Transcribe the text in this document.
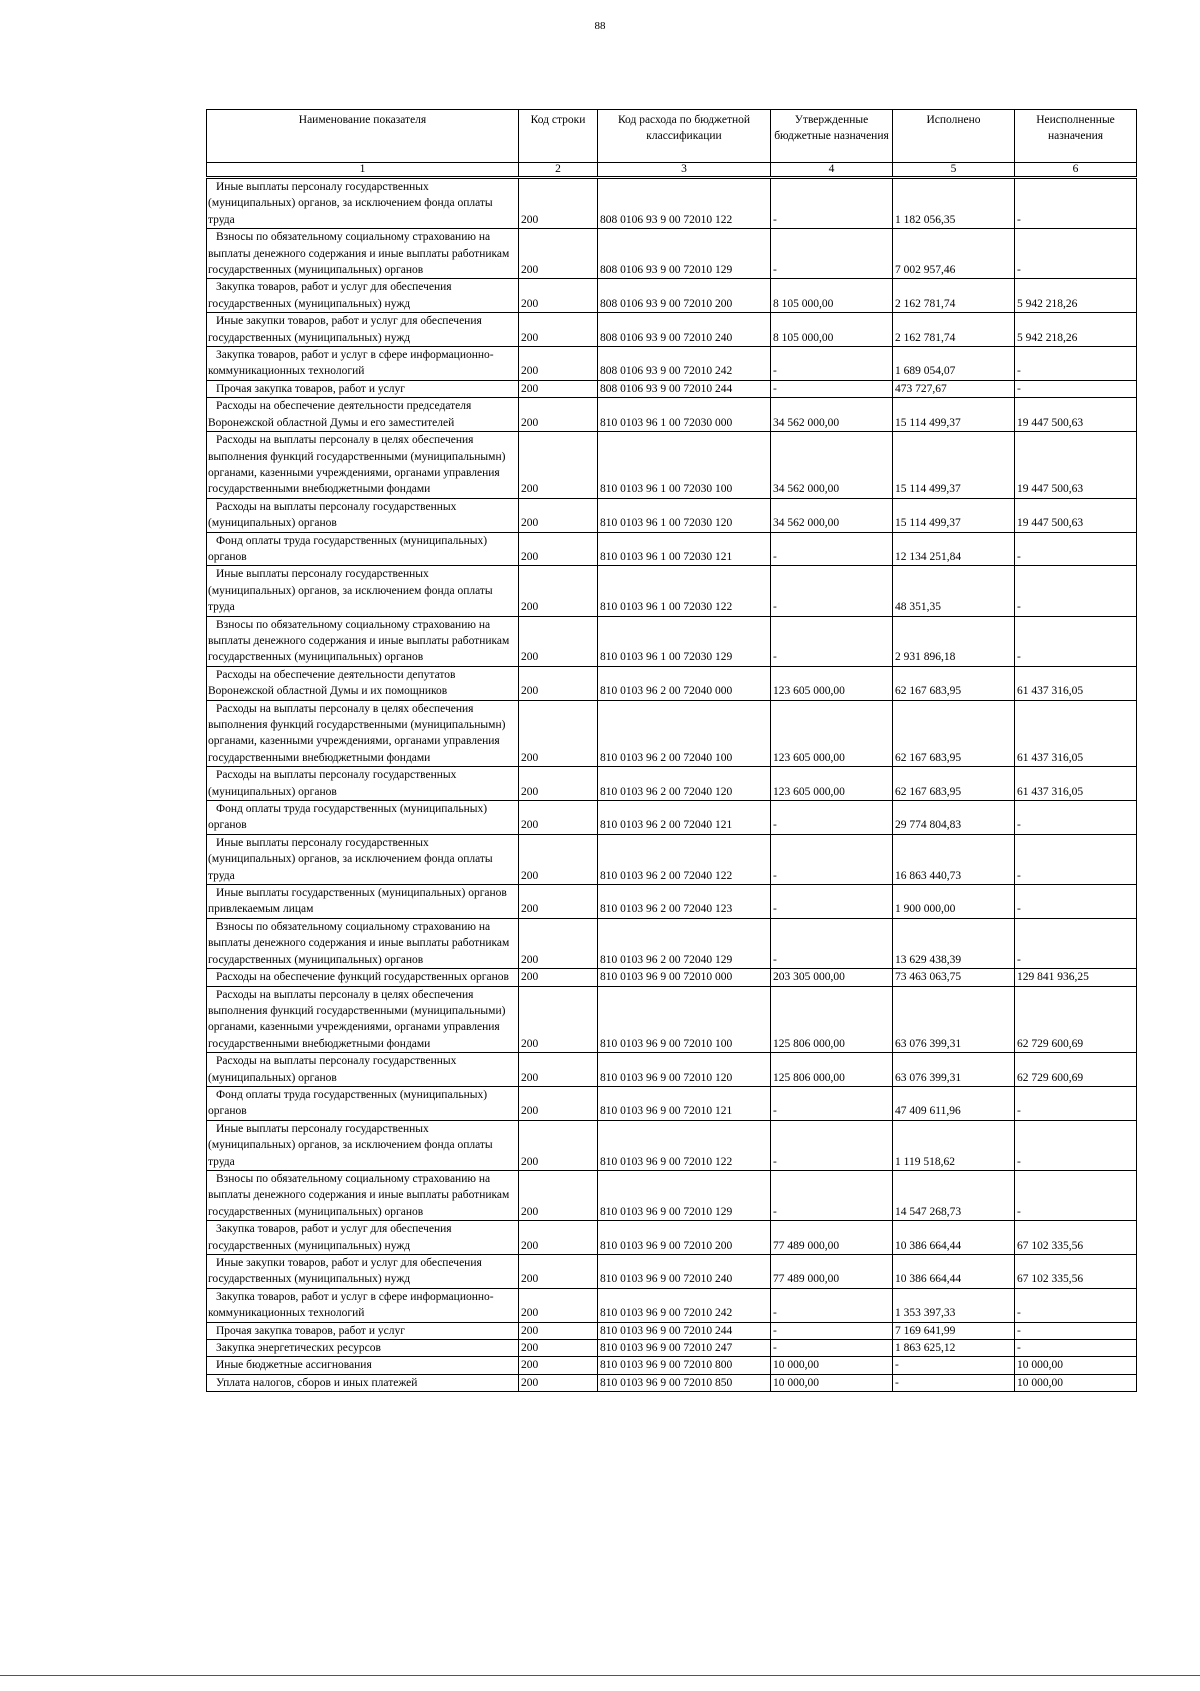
88
Наименование показателя	Код строки	Код расхода по бюджетной классификации	Утвержденные бюджетные назначения	Исполнено	Неисполненные назначения
1	2	3	4	5	6
Иные выплаты персоналу государственных (муниципальных) органов, за исключением фонда оплаты труда	200	808 0106 93 9 00 72010 122	-	1 182 056,35	-
Взносы по обязательному социальному страхованию на выплаты денежного содержания и иные выплаты работникам государственных (муниципальных) органов	200	808 0106 93 9 00 72010 129	-	7 002 957,46	-
Закупка товаров, работ и услуг для обеспечения государственных (муниципальных) нужд	200	808 0106 93 9 00 72010 200	8 105 000,00	2 162 781,74	5 942 218,26
Иные закупки товаров, работ и услуг для обеспечения государственных (муниципальных) нужд	200	808 0106 93 9 00 72010 240	8 105 000,00	2 162 781,74	5 942 218,26
Закупка товаров, работ и услуг в сфере информационно-коммуникационных технологий	200	808 0106 93 9 00 72010 242	-	1 689 054,07	-
Прочая закупка товаров, работ и услуг	200	808 0106 93 9 00 72010 244	-	473 727,67	-
Расходы на обеспечение деятельности председателя Воронежской областной Думы и его заместителей	200	810 0103 96 1 00 72030 000	34 562 000,00	15 114 499,37	19 447 500,63
Расходы на выплаты персоналу в целях обеспечения выполнения функций государственными (муниципальнымн) органами, казенными учреждениями, органами управления государственными внебюджетными фондами	200	810 0103 96 1 00 72030 100	34 562 000,00	15 114 499,37	19 447 500,63
Расходы на выплаты персоналу государственных (муниципальных) органов	200	810 0103 96 1 00 72030 120	34 562 000,00	15 114 499,37	19 447 500,63
Фонд оплаты труда государственных (муниципальных) органов	200	810 0103 96 1 00 72030 121	-	12 134 251,84	-
Иные выплаты персоналу государственных (муниципальных) органов, за исключением фонда оплаты труда	200	810 0103 96 1 00 72030 122	-	48 351,35	-
Взносы по обязательному социальному страхованию на выплаты денежного содержания и иные выплаты работникам государственных (муниципальных) органов	200	810 0103 96 1 00 72030 129	-	2 931 896,18	-
Расходы на обеспечение деятельности депутатов Воронежской областной Думы и их помощников	200	810 0103 96 2 00 72040 000	123 605 000,00	62 167 683,95	61 437 316,05
Расходы на выплаты персоналу в целях обеспечения выполнения функций государственными (муниципальнымн) органами, казенными учреждениями, органами управления государственными внебюджетными фондами	200	810 0103 96 2 00 72040 100	123 605 000,00	62 167 683,95	61 437 316,05
Расходы на выплаты персоналу государственных (муниципальных) органов	200	810 0103 96 2 00 72040 120	123 605 000,00	62 167 683,95	61 437 316,05
Фонд оплаты труда государственных (муниципальных) органов	200	810 0103 96 2 00 72040 121	-	29 774 804,83	-
Иные выплаты персоналу государственных (муниципальных) органов, за исключением фонда оплаты труда	200	810 0103 96 2 00 72040 122	-	16 863 440,73	-
Иные выплаты государственных (муниципальных) органов привлекаемым лицам	200	810 0103 96 2 00 72040 123	-	1 900 000,00	-
Взносы по обязательному социальному страхованию на выплаты денежного содержания и иные выплаты работникам государственных (муниципальных) органов	200	810 0103 96 2 00 72040 129	-	13 629 438,39	-
Расходы на обеспечение функций государственных органов	200	810 0103 96 9 00 72010 000	203 305 000,00	73 463 063,75	129 841 936,25
Расходы на выплаты персоналу в целях обеспечения выполнения функций государственными (муниципальными) органами, казенными учреждениями, органами управления государственными внебюджетными фондами	200	810 0103 96 9 00 72010 100	125 806 000,00	63 076 399,31	62 729 600,69
Расходы на выплаты персоналу государственных (муниципальных) органов	200	810 0103 96 9 00 72010 120	125 806 000,00	63 076 399,31	62 729 600,69
Фонд оплаты труда государственных (муниципальных) органов	200	810 0103 96 9 00 72010 121	-	47 409 611,96	-
Иные выплаты персоналу государственных (муниципальных) органов, за исключением фонда оплаты труда	200	810 0103 96 9 00 72010 122	-	1 119 518,62	-
Взносы по обязательному социальному страхованию на выплаты денежного содержания и иные выплаты работникам государственных (муниципальных) органов	200	810 0103 96 9 00 72010 129	-	14 547 268,73	-
Закупка товаров, работ и услуг для обеспечения государственных (муниципальных) нужд	200	810 0103 96 9 00 72010 200	77 489 000,00	10 386 664,44	67 102 335,56
Иные закупки товаров, работ и услуг для обеспечения государственных (муниципальных) нужд	200	810 0103 96 9 00 72010 240	77 489 000,00	10 386 664,44	67 102 335,56
Закупка товаров, работ и услуг в сфере информационно-коммуникационных технологий	200	810 0103 96 9 00 72010 242	-	1 353 397,33	-
Прочая закупка товаров, работ и услуг	200	810 0103 96 9 00 72010 244	-	7 169 641,99	-
Закупка энергетических ресурсов	200	810 0103 96 9 00 72010 247	-	1 863 625,12	-
Иные бюджетные ассигнования	200	810 0103 96 9 00 72010 800	10 000,00	-	10 000,00
Уплата налогов, сборов и иных платежей	200	810 0103 96 9 00 72010 850	10 000,00	-	10 000,00
